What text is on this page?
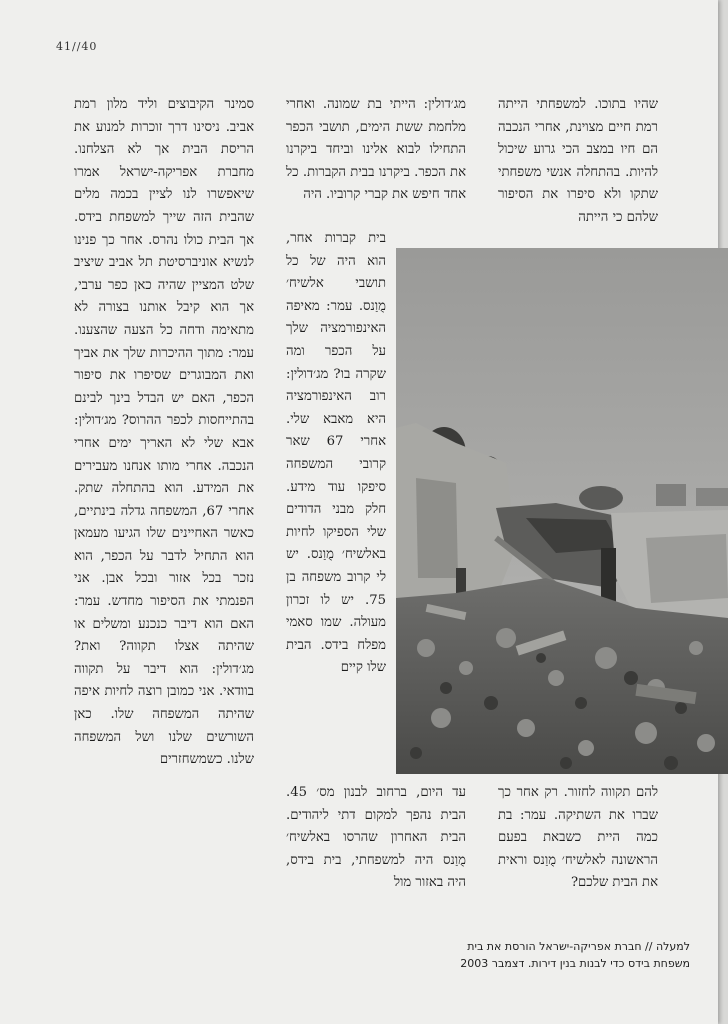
41//40

שהיו בתוכו. למשפחתי הייתה רמת חיים מצוינת, אחרי הנכבה הם חיו במצב הכי גרוע שיכול להיות. בהתחלה אנשי משפחתי שתקו ולא סיפרו את הסיפור שלהם כי הייתה

מג׳דולין: הייתי בת שמונה. ואחרי מלחמת ששת הימים, תושבי הכפר התחילו לבוא אלינו וביחד ביקרנו את הכפר. ביקרנו בבית הקברות. כל אחד חיפש את קברי קרוביו. היה

בית קברות אחר, הוא היה של כל תושבי אלשיח׳ מֻוַנס. עמר: מאיפה האינפורמציה שלך על הכפר ומה שקרה בו? מג׳דולין: רוב האינפורמציה היא מאבא שלי. אחרי 67 שאר קרובי המשפחה סיפקו עוד מידע. חלק מבני הדודים שלי הספיקו לחיות באלשיח׳ מֻוַנס. יש לי קרוב משפחה בן 75. יש לו זכרון מעולה. שמו סאמי מפלח בידס. הבית שלו קיים

סמינר הקיבוצים וליד מלון רמת אביב. ניסינו דרך זוכרות למנוע את הריסת הבית אך לא הצלחנו. מחברת אפריקה-ישראל אמרו שיאפשרו לנו לציין בכמה מלים שהבית הזה שייך למשפחת בידס. אך הבית כולו נהרס. אחר כך פנינו לנשיא אוניברסיטת תל אביב שיציב שלט המציין שהיה כאן כפר ערבי, אך הוא קיבל אותנו בצורה לא מתאימה ודחה כל הצעה שהצענו. עמר: מתוך ההיכרות שלך את אביך ואת המבוגרים שסיפרו את סיפור הכפר, האם יש הבדל בינך לבינם בהתייחסות לכפר ההרוס? מג׳דולין: אבא שלי לא האריך ימים אחרי הנכבה. אחרי מותו אנחנו מעבירים את המידע. הוא בהתחלה שתק. אחרי 67, המשפחה גדלה בינתיים, כאשר האחיינים שלו הגיעו מעמאן הוא התחיל לדבר על הכפר, הוא נזכר בכל אזור ובכל אבן. אני הפנמתי את הסיפור מחדש. עמר: האם הוא דיבר כנכנע ומשלים או שהיתה אצלו תקווה? ואת? מג׳דולין: הוא דיבר על תקווה בוודאי. אני כמובן רוצה לחיות איפה שהיתה המשפחה שלו. כאן השורשים שלנו ושל המשפחה שלנו. כשמשחזרים

להם תקווה לחזור. רק אחר כך שברו את השתיקה. עמר: בת כמה היית כשבאת בפעם הראשונה לאלשיח׳ מֻוַנס וראית את הבית שלכם?

עד היום, ברחוב לבנון מס׳ 45. הבית נהפך למקום דתי ליהודים. הבית האחרון שהרסו באלשיח׳ מֻוַנס היה למשפחתי, בית בידס, היה באזור מול

למעלה // חברת אפריקה-ישראל הורסת את בית משפחת בידס כדי לבנות בנין דירות. דצמבר 2003
